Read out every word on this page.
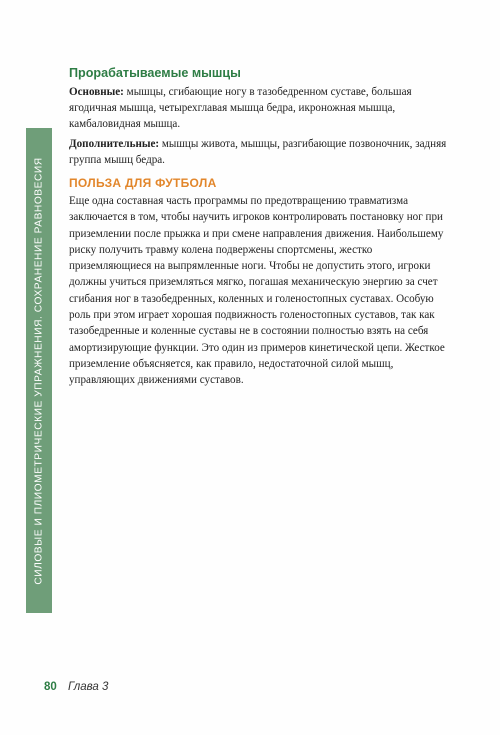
СИЛОВЫЕ И ПЛИОМЕТРИЧЕСКИЕ УПРАЖНЕНИЯ. СОХРАНЕНИЕ РАВНОВЕСИЯ
Прорабатываемые мышцы

Основные: мышцы, сгибающие ногу в тазобедренном суставе, большая ягодичная мышца, четырехглавая мышца бедра, икроножная мышца, камбаловидная мышца.

Дополнительные: мышцы живота, мышцы, разгибающие позвоночник, задняя группа мышц бедра.

ПОЛЬЗА ДЛЯ ФУТБОЛА

Еще одна составная часть программы по предотвращению травматизма заключается в том, чтобы научить игроков контролировать постановку ног при приземлении после прыжка и при смене направления движения. Наибольшему риску получить травму колена подвержены спортсмены, жестко приземляющиеся на выпрямленные ноги. Чтобы не допустить этого, игроки должны учиться приземляться мягко, погашая механическую энергию за счет сгибания ног в тазобедренных, коленных и голеностопных суставах. Особую роль при этом играет хорошая подвижность голеностопных суставов, так как тазобедренные и коленные суставы не в состоянии полностью взять на себя амортизирующие функции. Это один из примеров кинетической цепи. Жесткое приземление объясняется, как правило, недостаточной силой мышц, управляющих движениями суставов.

80 Глава 3
